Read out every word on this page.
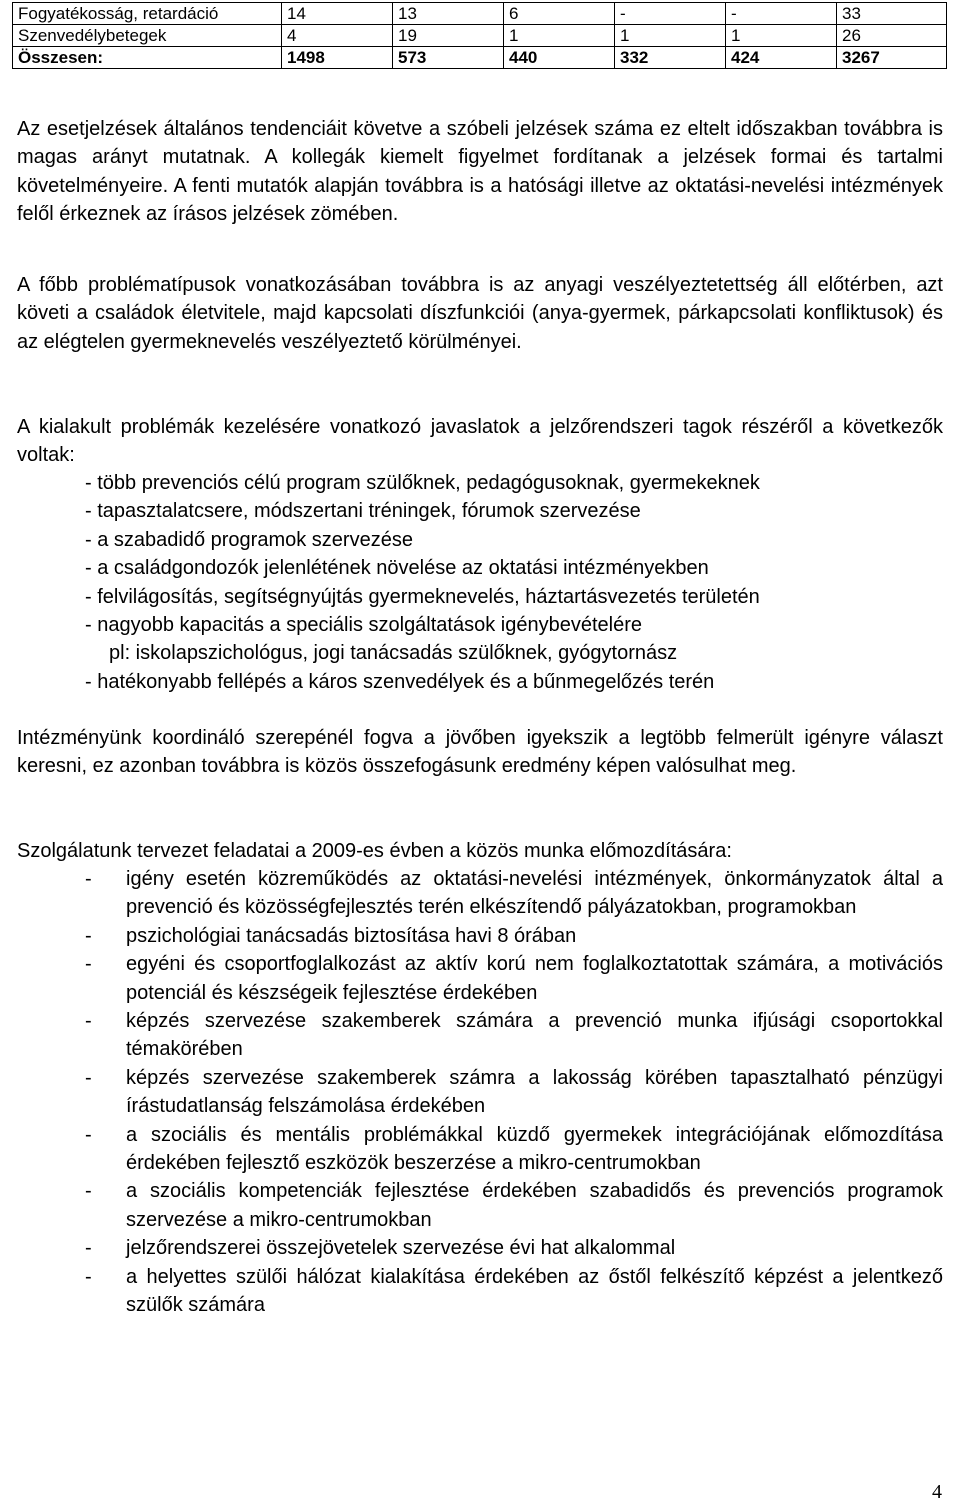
Fogyatékosság, retardáció	14	13	6	-	-	33
Szenvedélybetegek	4	19	1	1	1	26
Összesen:	1498	573	440	332	424	3267

Az esetjelzések általános tendenciáit követve a szóbeli jelzések száma ez eltelt időszakban továbbra is magas arányt mutatnak. A kollegák kiemelt figyelmet fordítanak a jelzések formai és tartalmi követelményeire. A fenti mutatók alapján továbbra is a hatósági illetve az oktatási-nevelési intézmények felől érkeznek az írásos jelzések zömében.

A főbb problématípusok vonatkozásában továbbra is az anyagi veszélyeztetettség áll előtérben, azt követi a családok életvitele, majd kapcsolati díszfunkciói (anya-gyermek, párkapcsolati konfliktusok) és az elégtelen gyermeknevelés veszélyeztető körülményei.

A kialakult problémák kezelésére vonatkozó javaslatok a jelzőrendszeri tagok részéről a következők voltak:

- több prevenciós célú program szülőknek, pedagógusoknak, gyermekeknek
- tapasztalatcsere, módszertani tréningek, fórumok szervezése
- a szabadidő programok szervezése
- a családgondozók jelenlétének növelése az oktatási intézményekben
- felvilágosítás, segítségnyújtás gyermeknevelés, háztartásvezetés területén
- nagyobb kapacitás a speciális szolgáltatások igénybevételére
pl: iskolapszichológus, jogi tanácsadás szülőknek, gyógytornász
- hatékonyabb fellépés a káros szenvedélyek és a bűnmegelőzés terén

Intézményünk koordináló szerepénél fogva a jövőben igyekszik a legtöbb felmerült igényre választ keresni, ez azonban továbbra is közös összefogásunk eredmény képen valósulhat meg.

Szolgálatunk tervezet feladatai a 2009-es évben a közös munka előmozdítására:

- igény esetén közreműködés az oktatási-nevelési intézmények, önkormányzatok által a prevenció és közösségfejlesztés terén elkészítendő pályázatokban, programokban
- pszichológiai tanácsadás biztosítása havi 8 órában
- egyéni és csoportfoglalkozást az aktív korú nem foglalkoztatottak számára, a motivációs potenciál és készségeik fejlesztése érdekében
- képzés szervezése szakemberek számára a prevenció munka ifjúsági csoportokkal témakörében
- képzés szervezése szakemberek számra a lakosság körében tapasztalható pénzügyi írástudatlanság felszámolása érdekében
- a szociális és mentális problémákkal küzdő gyermekek integrációjának előmozdítása érdekében fejlesztő eszközök beszerzése a mikro-centrumokban
- a szociális kompetenciák fejlesztése érdekében szabadidős és prevenciós programok szervezése a mikro-centrumokban
- jelzőrendszerei összejövetelek szervezése évi hat alkalommal
- a helyettes szülői hálózat kialakítása érdekében az őstől felkészítő képzést a jelentkező szülők számára
4
